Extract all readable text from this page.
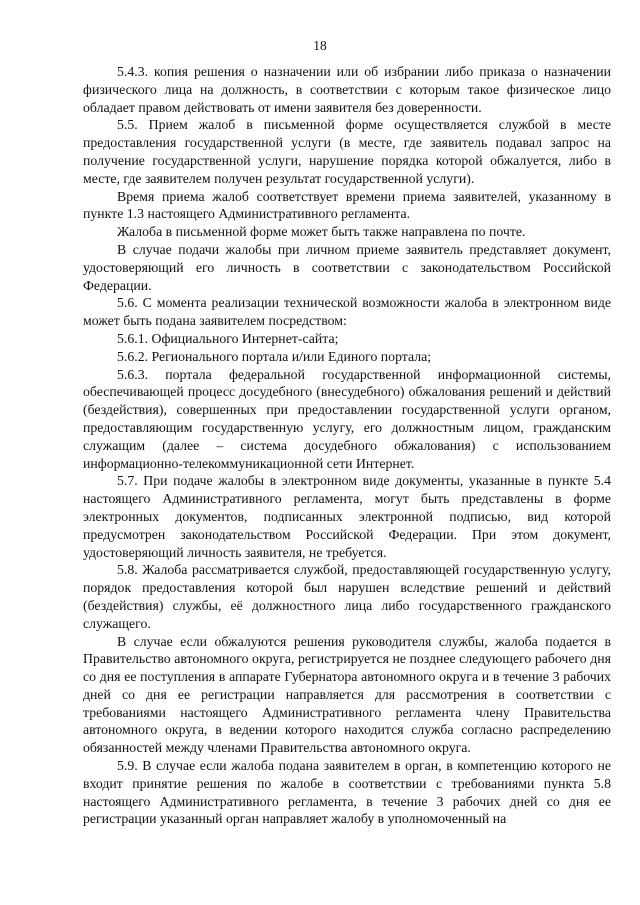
18

5.4.3. копия решения о назначении или об избрании либо приказа о назначении физического лица на должность, в соответствии с которым такое физическое лицо обладает правом действовать от имени заявителя без доверенности.

5.5. Прием жалоб в письменной форме осуществляется службой в месте предоставления государственной услуги (в месте, где заявитель подавал запрос на получение государственной услуги, нарушение порядка которой обжалуется, либо в месте, где заявителем получен результат государственной услуги).

Время приема жалоб соответствует времени приема заявителей, указанному в пункте 1.3 настоящего Административного регламента.

Жалоба в письменной форме может быть также направлена по почте.

В случае подачи жалобы при личном приеме заявитель представляет документ, удостоверяющий его личность в соответствии с законодательством Российской Федерации.

5.6. С момента реализации технической возможности жалоба в электронном виде может быть подана заявителем посредством:

5.6.1. Официального Интернет-сайта;

5.6.2. Регионального портала и/или Единого портала;

5.6.3. портала федеральной государственной информационной системы, обеспечивающей процесс досудебного (внесудебного) обжалования решений и действий (бездействия), совершенных при предоставлении государственной услуги органом, предоставляющим государственную услугу, его должностным лицом, гражданским служащим (далее – система досудебного обжалования) с использованием информационно-телекоммуникационной сети Интернет.

5.7. При подаче жалобы в электронном виде документы, указанные в пункте 5.4 настоящего Административного регламента, могут быть представлены в форме электронных документов, подписанных электронной подписью, вид которой предусмотрен законодательством Российской Федерации. При этом документ, удостоверяющий личность заявителя, не требуется.

5.8. Жалоба рассматривается службой, предоставляющей государственную услугу, порядок предоставления которой был нарушен вследствие решений и действий (бездействия) службы, её должностного лица либо государственного гражданского служащего.

В случае если обжалуются решения руководителя службы, жалоба подается в Правительство автономного округа, регистрируется не позднее следующего рабочего дня со дня ее поступления в аппарате Губернатора автономного округа и в течение 3 рабочих дней со дня ее регистрации направляется для рассмотрения в соответствии с требованиями настоящего Административного регламента члену Правительства автономного округа, в ведении которого находится служба согласно распределению обязанностей между членами Правительства автономного округа.

5.9. В случае если жалоба подана заявителем в орган, в компетенцию которого не входит принятие решения по жалобе в соответствии с требованиями пункта 5.8 настоящего Административного регламента, в течение 3 рабочих дней со дня ее регистрации указанный орган направляет жалобу в уполномоченный на
